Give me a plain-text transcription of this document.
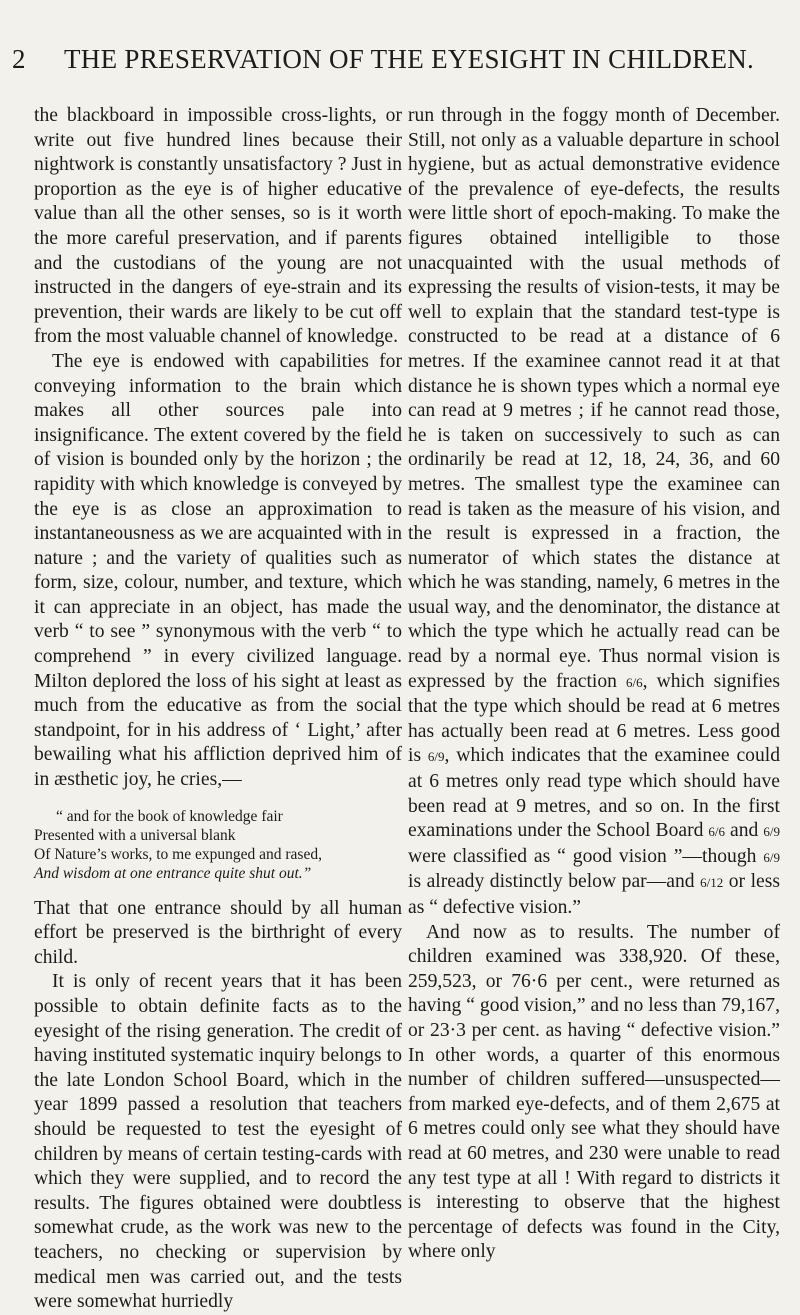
2 THE PRESERVATION OF THE EYESIGHT IN CHILDREN.

the blackboard in impossible cross-lights, or write out five hundred lines because their nightwork is constantly unsatisfactory ? Just in proportion as the eye is of higher educative value than all the other senses, so is it worth the more careful preservation, and if parents and the custodians of the young are not instructed in the dangers of eye-strain and its prevention, their wards are likely to be cut off from the most valuable channel of knowledge.

The eye is endowed with capabilities for conveying information to the brain which makes all other sources pale into insignificance. The extent covered by the field of vision is bounded only by the horizon ; the rapidity with which knowledge is conveyed by the eye is as close an approximation to instantaneousness as we are acquainted with in nature ; and the variety of qualities such as form, size, colour, number, and texture, which it can appreciate in an object, has made the verb “ to see ” synonymous with the verb “ to comprehend ” in every civilized language. Milton deplored the loss of his sight at least as much from the educative as from the social standpoint, for in his address of ‘ Light,’ after bewailing what his affliction deprived him of in æsthetic joy, he cries,—

“ and for the book of knowledge fair
Presented with a universal blank
Of Nature’s works, to me expunged and rased,
And wisdom at one entrance quite shut out.”

That that one entrance should by all human effort be preserved is the birthright of every child.

It is only of recent years that it has been possible to obtain definite facts as to the eyesight of the rising generation. The credit of having instituted systematic inquiry belongs to the late London School Board, which in the year 1899 passed a resolution that teachers should be requested to test the eyesight of children by means of certain testing-cards with which they were supplied, and to record the results. The figures obtained were doubtless somewhat crude, as the work was new to the teachers, no checking or supervision by medical men was carried out, and the tests were somewhat hurriedly

run through in the foggy month of December. Still, not only as a valuable departure in school hygiene, but as actual demonstrative evidence of the prevalence of eye-defects, the results were little short of epoch-making. To make the figures obtained intelligible to those unacquainted with the usual methods of expressing the results of vision-tests, it may be well to explain that the standard test-type is constructed to be read at a distance of 6 metres. If the examinee cannot read it at that distance he is shown types which a normal eye can read at 9 metres ; if he cannot read those, he is taken on successively to such as can ordinarily be read at 12, 18, 24, 36, and 60 metres. The smallest type the examinee can read is taken as the measure of his vision, and the result is expressed in a fraction, the numerator of which states the distance at which he was standing, namely, 6 metres in the usual way, and the denominator, the distance at which the type which he actually read can be read by a normal eye. Thus normal vision is expressed by the fraction 6/6, which signifies that the type which should be read at 6 metres has actually been read at 6 metres. Less good is 6/9, which indicates that the examinee could at 6 metres only read type which should have been read at 9 metres, and so on. In the first examinations under the School Board 6/6 and 6/9 were classified as “ good vision ”—though 6/9 is already distinctly below par—and 6/12 or less as “ defective vision.”

And now as to results. The number of children examined was 338,920. Of these, 259,523, or 76·6 per cent., were returned as having “ good vision,” and no less than 79,167, or 23·3 per cent. as having “ defective vision.” In other words, a quarter of this enormous number of children suffered—unsuspected—from marked eye-defects, and of them 2,675 at 6 metres could only see what they should have read at 60 metres, and 230 were unable to read any test type at all ! With regard to districts it is interesting to observe that the highest percentage of defects was found in the City, where only
